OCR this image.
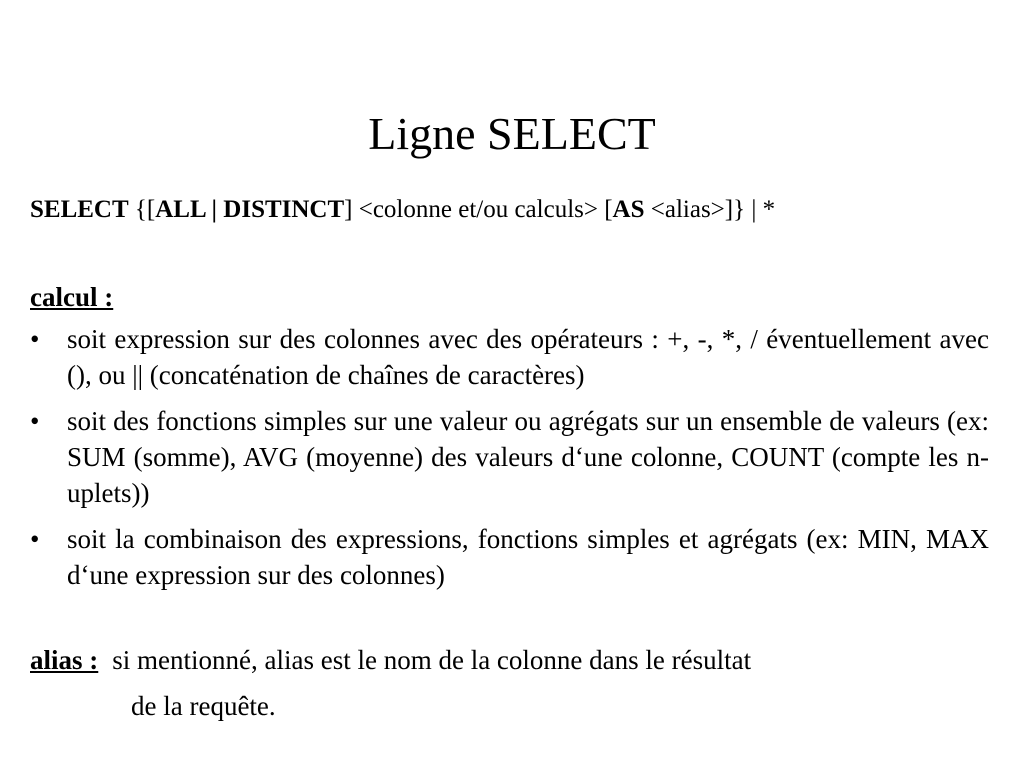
Ligne SELECT
SELECT {[ALL | DISTINCT] <colonne et/ou calculs> [AS <alias>]} | *
calcul :
•	soit expression sur des colonnes avec des opérateurs : +, -, *, / éventuellement avec (), ou || (concaténation de chaînes de caractères)
•	soit des fonctions simples sur une valeur ou agrégats sur un ensemble de valeurs (ex: SUM (somme), AVG (moyenne) des valeurs d‘une colonne, COUNT (compte les n-uplets))
•	soit la combinaison des expressions, fonctions simples et agrégats (ex: MIN, MAX d‘une expression sur des colonnes)
alias : si mentionné, alias est le nom de la colonne dans le résultat
de la requête.
